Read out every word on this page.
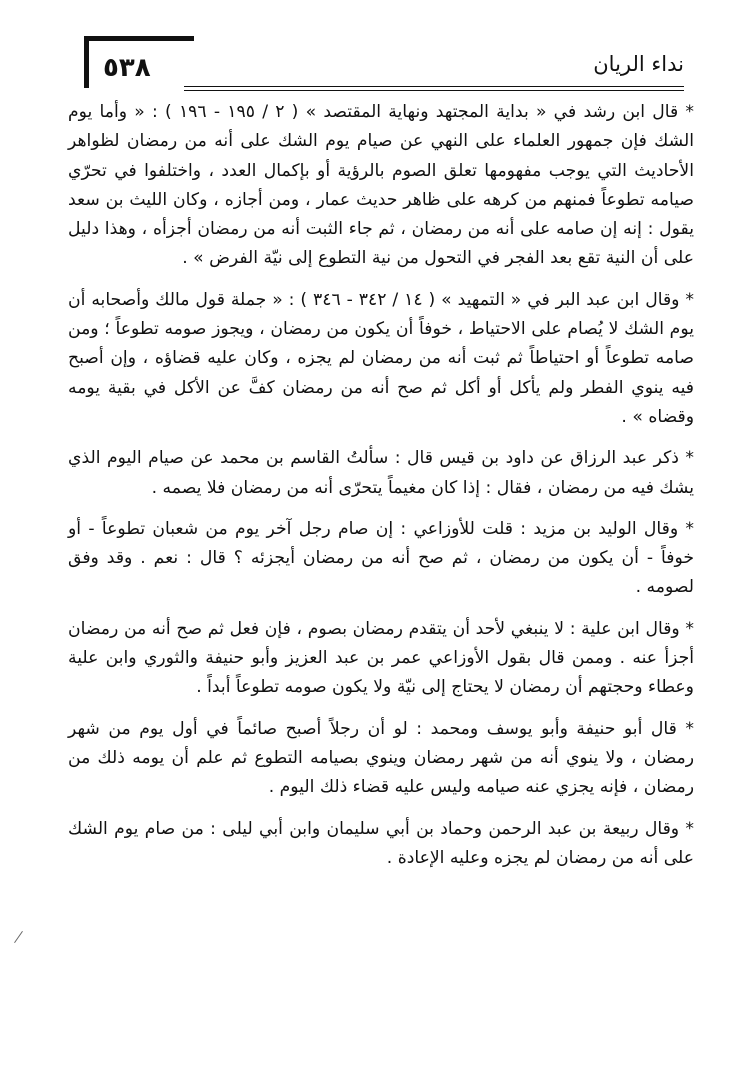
٥٣٨	نداء الريان

* قال ابن رشد في « بداية المجتهد ونهاية المقتصد » ( ٢ / ١٩٥ - ١٩٦ ) : « وأما يوم الشك فإن جمهور العلماء على النهي عن صيام يوم الشك على أنه من رمضان لظواهر الأحاديث التي يوجب مفهومها تعلق الصوم بالرؤية أو بإكمال العدد ، واختلفوا في تحرّي صيامه تطوعاً فمنهم من كرهه على ظاهر حديث عمار ، ومن أجازه ، وكان الليث بن سعد يقول : إنه إن صامه على أنه من رمضان ، ثم جاء الثبت أنه من رمضان أجزأه ، وهذا دليل على أن النية تقع بعد الفجر في التحول من نية التطوع إلى نيّة الفرض » .

* وقال ابن عبد البر في « التمهيد » ( ١٤ / ٣٤٢ - ٣٤٦ ) : « جملة قول مالك وأصحابه أن يوم الشك لا يُصام على الاحتياط ، خوفاً أن يكون من رمضان ، ويجوز صومه تطوعاً ؛ ومن صامه تطوعاً أو احتياطاً ثم ثبت أنه من رمضان لم يجزه ، وكان عليه قضاؤه ، وإن أصبح فيه ينوي الفطر ولم يأكل أو أكل ثم صح أنه من رمضان كفَّ عن الأكل في بقية يومه وقضاه » .

* ذكر عبد الرزاق عن داود بن قيس قال : سألتُ القاسم بن محمد عن صيام اليوم الذي يشك فيه من رمضان ، فقال : إذا كان مغيماً يتحرّى أنه من رمضان فلا يصمه .

* وقال الوليد بن مزيد : قلت للأوزاعي : إن صام رجل آخر يوم من شعبان تطوعاً - أو خوفاً - أن يكون من رمضان ، ثم صح أنه من رمضان أيجزئه ؟ قال : نعم . وقد وفق لصومه .

* وقال ابن علية : لا ينبغي لأحد أن يتقدم رمضان بصوم ، فإن فعل ثم صح أنه من رمضان أجزأ عنه . وممن قال بقول الأوزاعي عمر بن عبد العزيز وأبو حنيفة والثوري وابن علية وعطاء وحجتهم أن رمضان لا يحتاج إلى نيّة ولا يكون صومه تطوعاً أبداً .

* قال أبو حنيفة وأبو يوسف ومحمد : لو أن رجلاً أصبح صائماً في أول يوم من شهر رمضان ، ولا ينوي أنه من شهر رمضان وينوي بصيامه التطوع ثم علم أن يومه ذلك من رمضان ، فإنه يجزي عنه صيامه وليس عليه قضاء ذلك اليوم .

* وقال ربيعة بن عبد الرحمن وحماد بن أبي سليمان وابن أبي ليلى : من صام يوم الشك على أنه من رمضان لم يجزه وعليه الإعادة .
